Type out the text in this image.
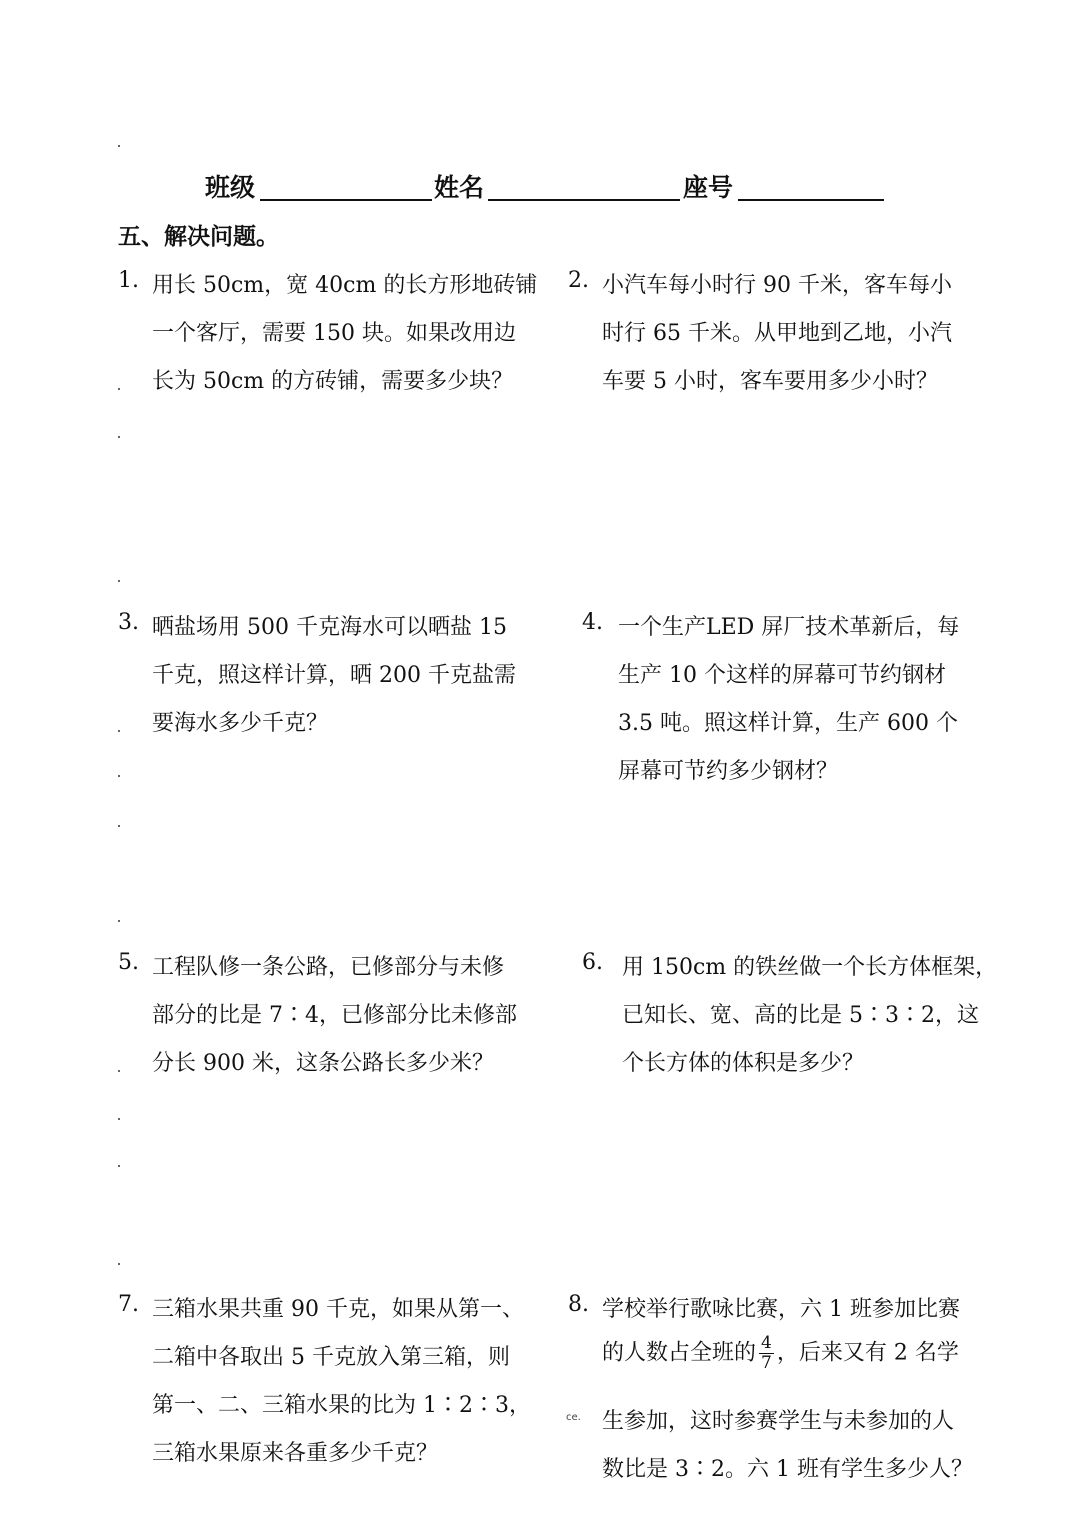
班级	姓名	座号
五、解决问题。
1. 用长 50cm，宽 40cm 的长方形地砖铺
一个客厅，需要 150 块。如果改用边
长为 50cm 的方砖铺，需要多少块？
2. 小汽车每小时行 90 千米，客车每小
时行 65 千米。从甲地到乙地，小汽
车要 5 小时，客车要用多少小时？
3. 晒盐场用 500 千克海水可以晒盐 15
千克，照这样计算，晒 200 千克盐需
要海水多少千克？
4. 一个生产LED 屏厂技术革新后，每
生产 10 个这样的屏幕可节约钢材
3.5 吨。照这样计算，生产 600 个
屏幕可节约多少钢材？
5. 工程队修一条公路，已修部分与未修
部分的比是 7∶4，已修部分比未修部
分长 900 米，这条公路长多少米？
6. 用 150cm 的铁丝做一个长方体框架，
已知长、宽、高的比是 5∶3∶2，这
个长方体的体积是多少？
7. 三箱水果共重 90 千克，如果从第一、
二箱中各取出 5 千克放入第三箱，则
第一、二、三箱水果的比为 1∶2∶3，
三箱水果原来各重多少千克？
8. 学校举行歌咏比赛，六 1 班参加比赛
的人数占全班的 $\frac{4}{7}$ ，后来又有 2 名学
生参加，这时参赛学生与未参加的人
数比是 3∶2。六 1 班有学生多少人？
ce.
